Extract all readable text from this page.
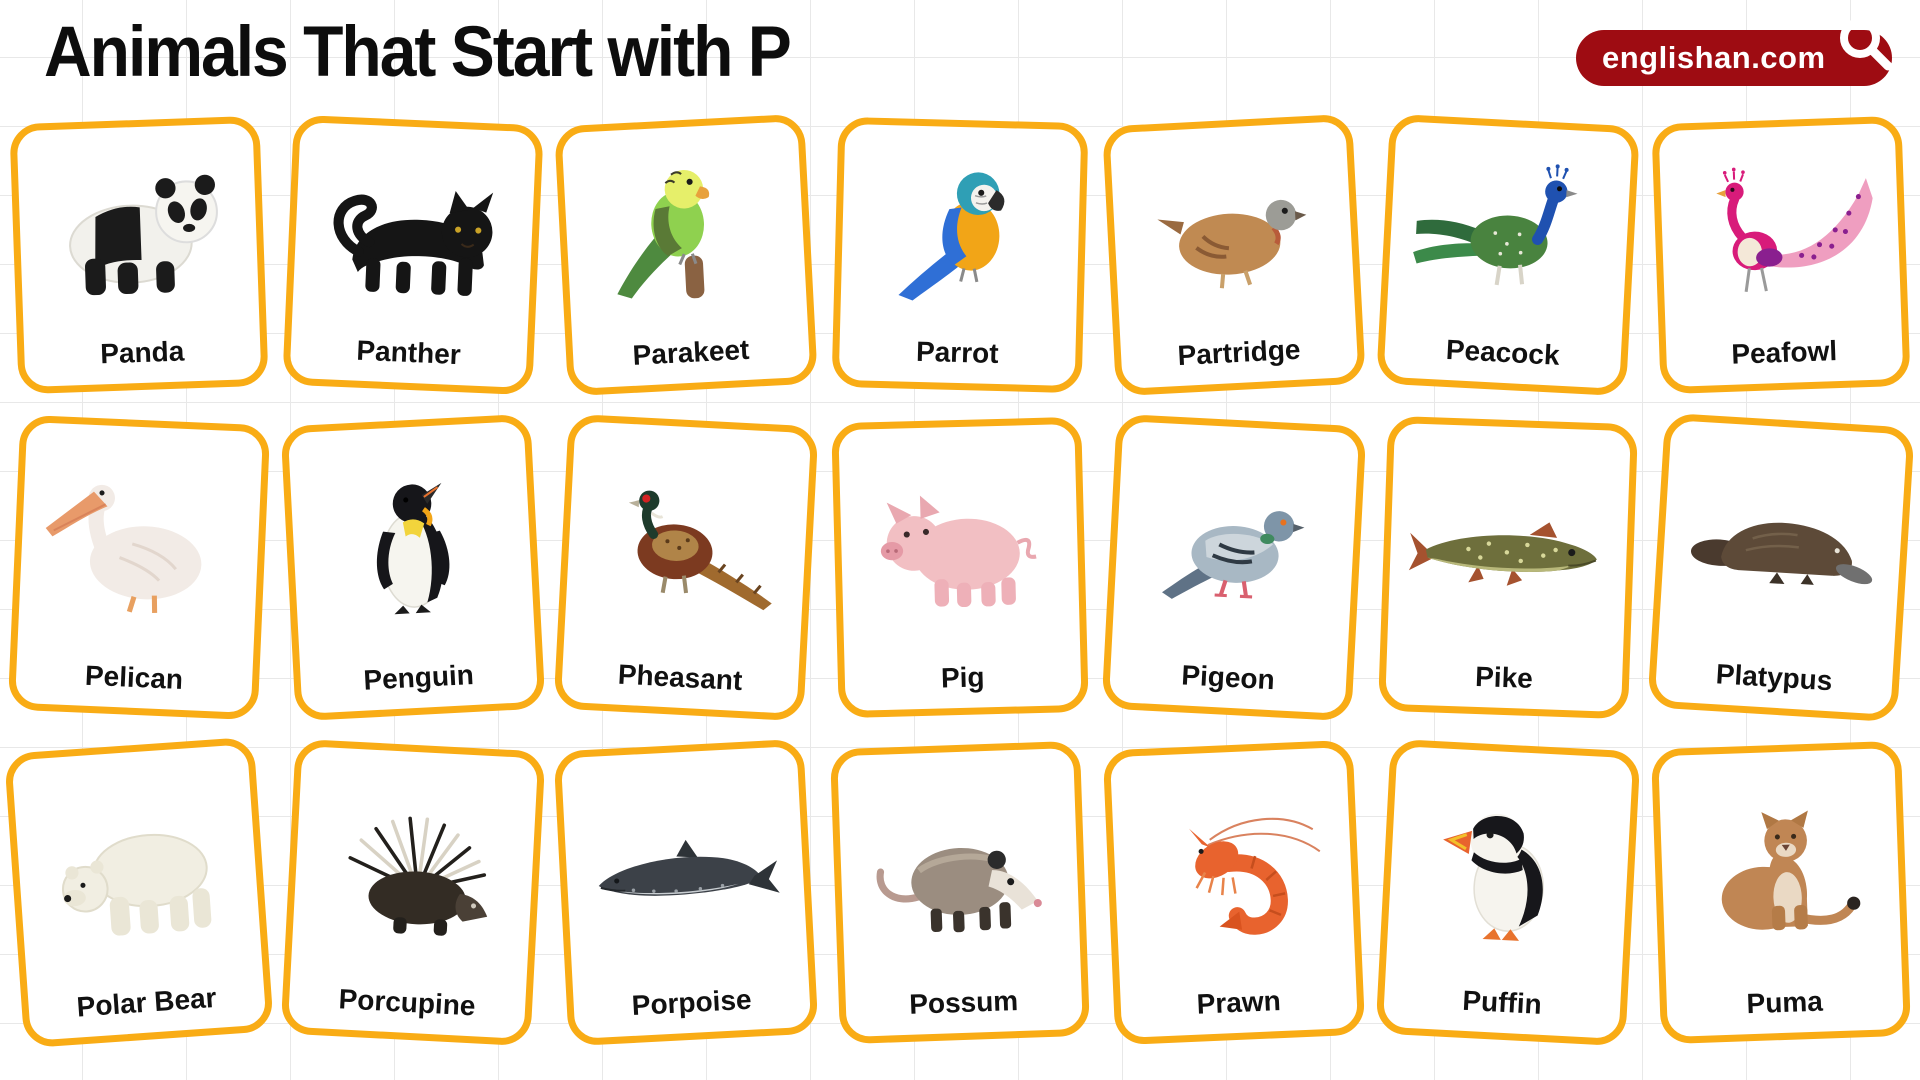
Animals That Start with P	englishan.com
Panda	Panther	Parakeet	Parrot	Partridge	Peacock	Peafowl
Pelican	Penguin	Pheasant	Pig	Pigeon	Pike	Platypus
Polar Bear	Porcupine	Porpoise	Possum	Prawn	Puffin	Puma
